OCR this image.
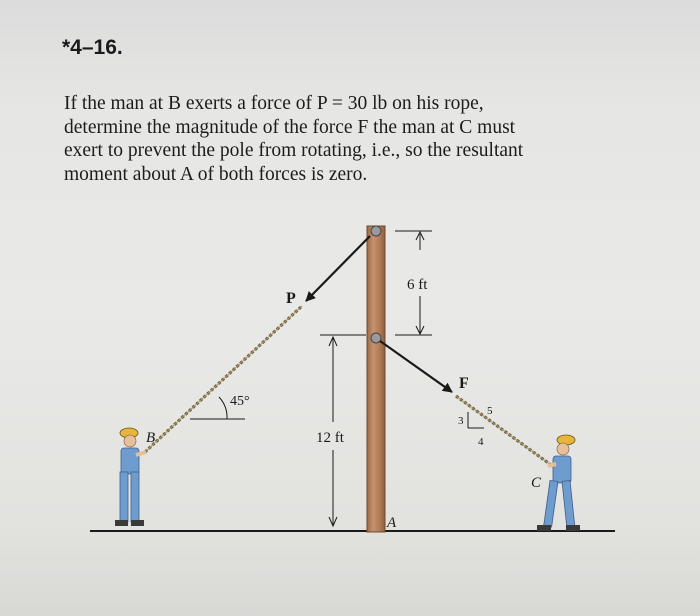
*4–16.
If the man at B exerts a force of P = 30 lb on his rope,
determine the magnitude of the force F the man at C must
exert to prevent the pole from rotating, i.e., so the resultant
moment about A of both forces is zero.
6 ft
12 ft
P
45°
F
5
3
4
A
B
C
